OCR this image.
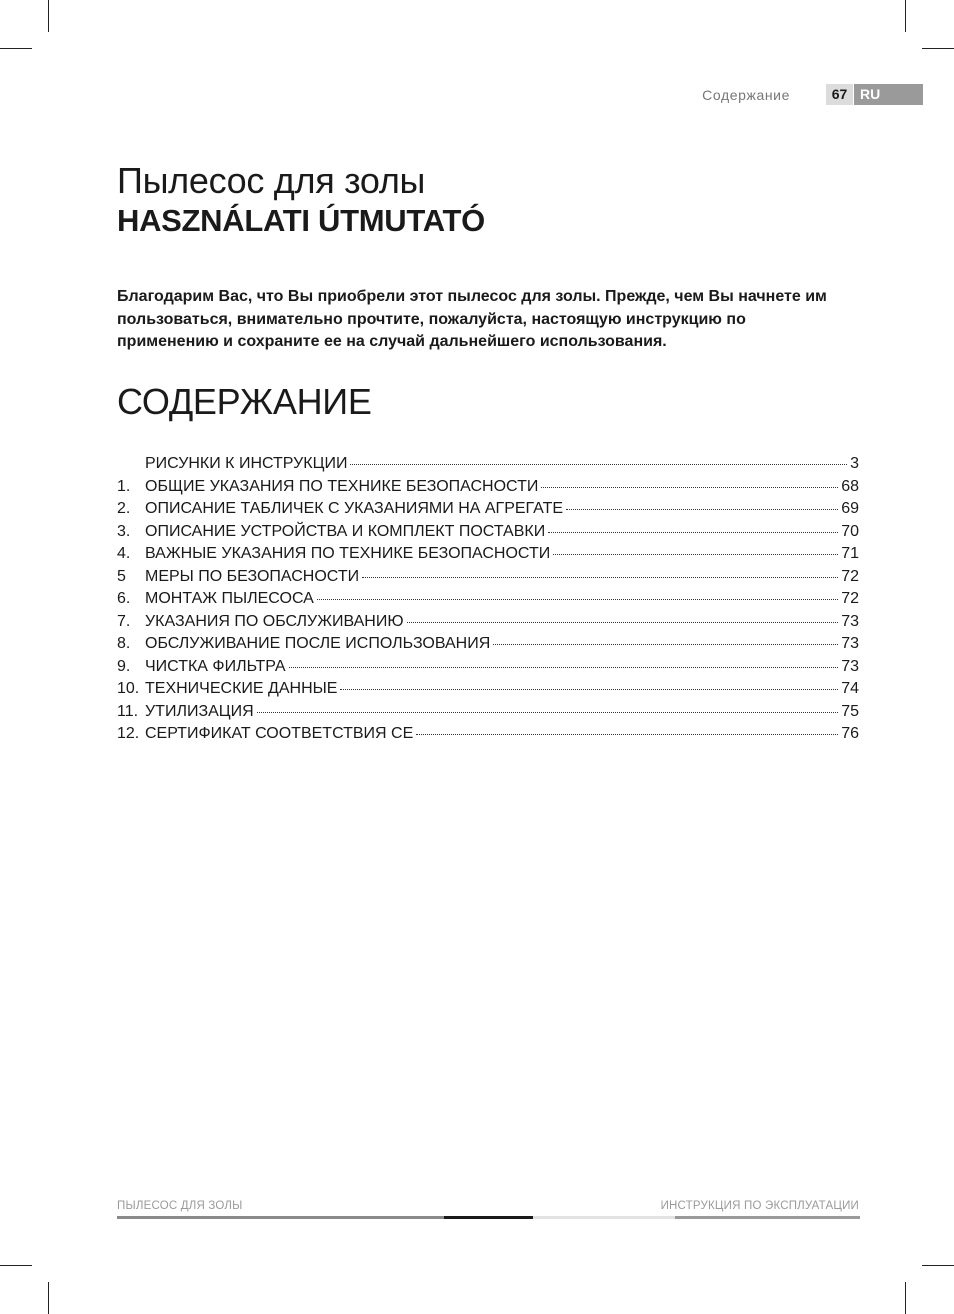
Содержание	67 RU
Пылесос для золы
HASZNÁLATI ÚTMUTATÓ
Благодарим Вас, что Вы приобрели этот пылесос для золы. Прежде, чем Вы начнете им пользоваться, внимательно прочтите, пожалуйста, настоящую инструкцию по применению и сохраните ее на случай дальнейшего использования.
СОДЕРЖАНИЕ
РИСУНКИ К ИНСТРУКЦИИ	3
1. ОБЩИЕ УКАЗАНИЯ ПО ТЕХНИКЕ БЕЗОПАСНОСТИ	68
2. ОПИСАНИЕ ТАБЛИЧЕК С УКАЗАНИЯМИ НА АГРЕГАТЕ	69
3. ОПИСАНИЕ УСТРОЙСТВА И КОМПЛЕКТ ПОСТАВКИ	70
4. ВАЖНЫЕ УКАЗАНИЯ ПО ТЕХНИКЕ БЕЗОПАСНОСТИ	71
5	МЕРЫ ПО БЕЗОПАСНОСТИ	72
6. МОНТАЖ ПЫЛЕСОСА	72
7. УКАЗАНИЯ ПО ОБСЛУЖИВАНИЮ	73
8. ОБСЛУЖИВАНИЕ ПОСЛЕ ИСПОЛЬЗОВАНИЯ	73
9. ЧИСТКА ФИЛЬТРА	73
10. ТЕХНИЧЕСКИЕ ДАННЫЕ	74
11. УТИЛИЗАЦИЯ	75
12. СЕРТИФИКАТ СООТВЕТСТВИЯ CE	76
ПЫЛЕСОС ДЛЯ ЗОЛЫ	ИНСТРУКЦИЯ ПО ЭКСПЛУАТАЦИИ
